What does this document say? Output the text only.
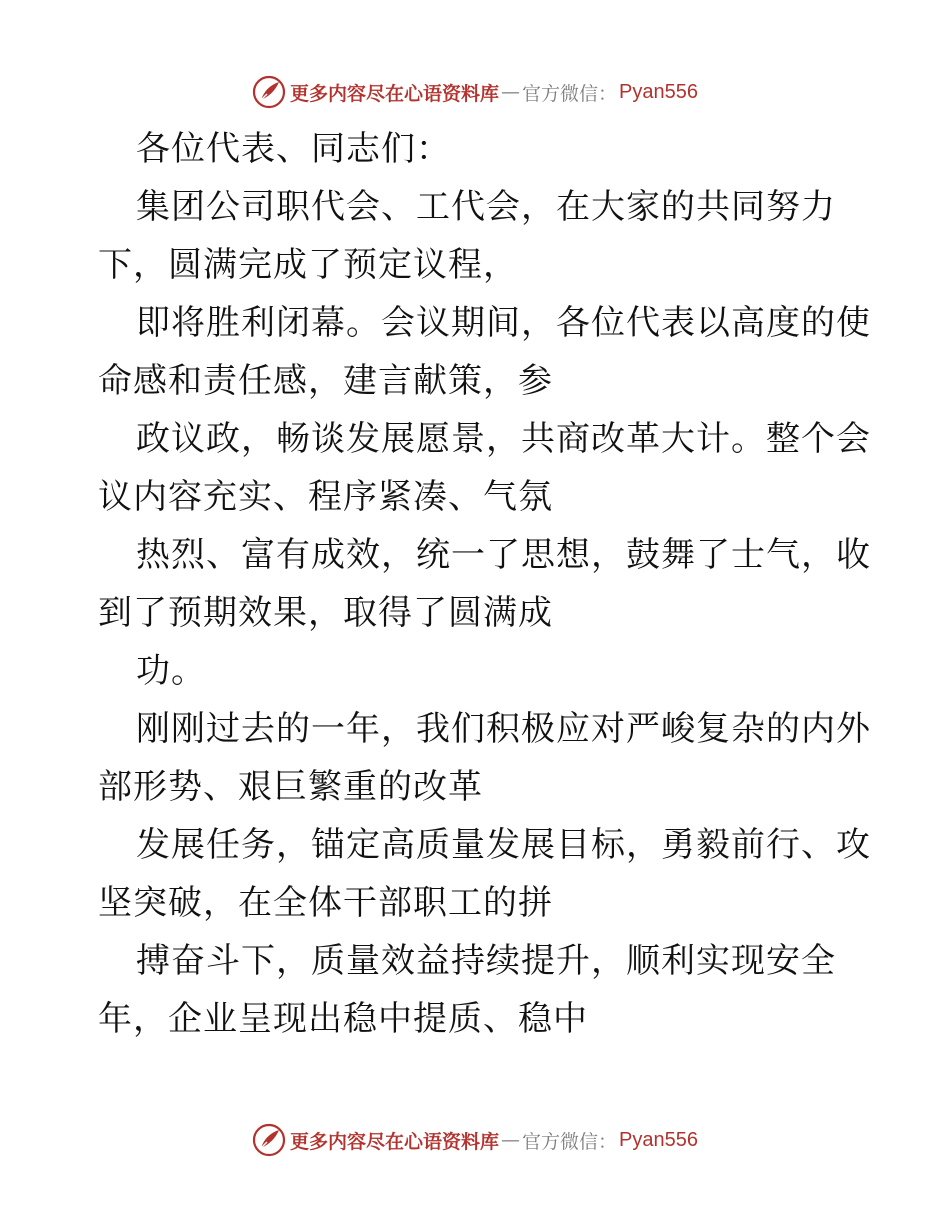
更多内容尽在心语资料库 — 官方微信： Pyan556
各位代表、同志们：
集团公司职代会、工代会，在大家的共同努力
下，圆满完成了预定议程，
即将胜利闭幕。会议期间，各位代表以高度的使
命感和责任感，建言献策，参
政议政，畅谈发展愿景，共商改革大计。整个会
议内容充实、程序紧凑、气氛
热烈、富有成效，统一了思想，鼓舞了士气，收
到了预期效果，取得了圆满成
功。
刚刚过去的一年，我们积极应对严峻复杂的内外
部形势、艰巨繁重的改革
发展任务，锚定高质量发展目标，勇毅前行、攻
坚突破，在全体干部职工的拼
搏奋斗下，质量效益持续提升，顺利实现安全
年，企业呈现出稳中提质、稳中
更多内容尽在心语资料库 — 官方微信： Pyan556
